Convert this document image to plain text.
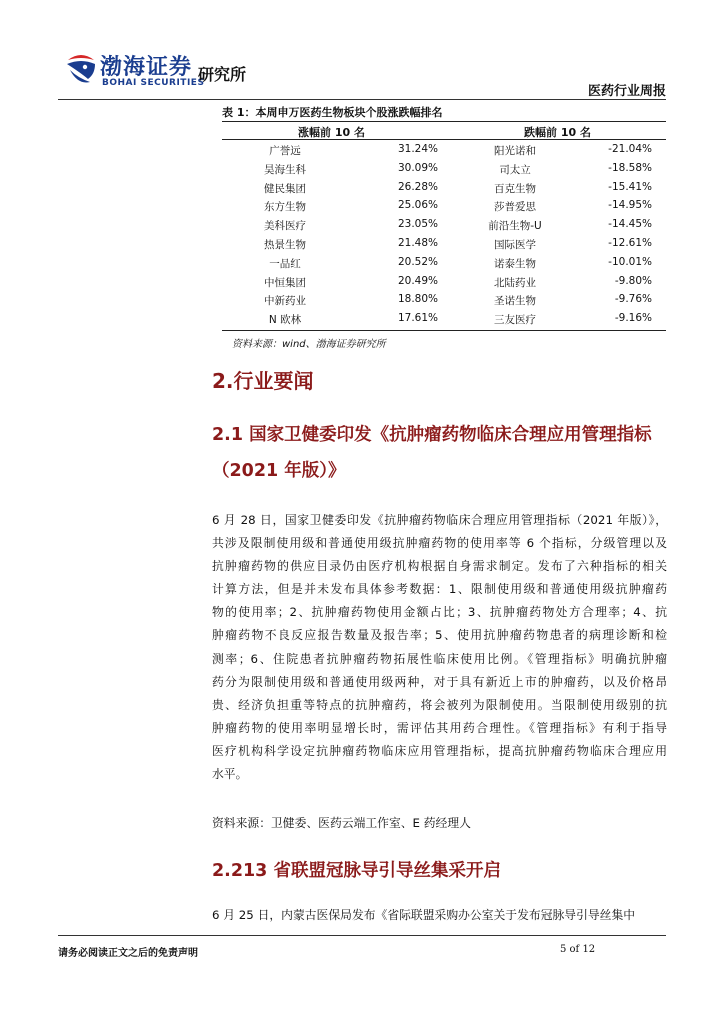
渤海证券
BOHAI SECURITIES
研究所
医药行业周报
表 1：本周申万医药生物板块个股涨跌幅排名
涨幅前 10 名	跌幅前 10 名
广誉远	31.24%	阳光诺和	-21.04%
昊海生科	30.09%	司太立	-18.58%
健民集团	26.28%	百克生物	-15.41%
东方生物	25.06%	莎普爱思	-14.95%
美科医疗	23.05%	前沿生物-U	-14.45%
热景生物	21.48%	国际医学	-12.61%
一品红	20.52%	诺泰生物	-10.01%
中恒集团	20.49%	北陆药业	-9.80%
中新药业	18.80%	圣诺生物	-9.76%
N 欧林	17.61%	三友医疗	-9.16%
资料来源：wind、渤海证券研究所
2.行业要闻
2.1 国家卫健委印发《抗肿瘤药物临床合理应用管理指标
（2021 年版）》
6 月 28 日，国家卫健委印发《抗肿瘤药物临床合理应用管理指标（2021 年版）》，
共涉及限制使用级和普通使用级抗肿瘤药物的使用率等 6 个指标，分级管理以及
抗肿瘤药物的供应目录仍由医疗机构根据自身需求制定。发布了六种指标的相关
计算方法，但是并未发布具体参考数据：1、限制使用级和普通使用级抗肿瘤药
物的使用率；2、抗肿瘤药物使用金额占比；3、抗肿瘤药物处方合理率；4、抗
肿瘤药物不良反应报告数量及报告率；5、使用抗肿瘤药物患者的病理诊断和检
测率；6、住院患者抗肿瘤药物拓展性临床使用比例。《管理指标》明确抗肿瘤
药分为限制使用级和普通使用级两种，对于具有新近上市的肿瘤药，以及价格昂
贵、经济负担重等特点的抗肿瘤药，将会被列为限制使用。当限制使用级别的抗
肿瘤药物的使用率明显增长时，需评估其用药合理性。《管理指标》有利于指导
医疗机构科学设定抗肿瘤药物临床应用管理指标，提高抗肿瘤药物临床合理应用
水平。
资料来源：卫健委、医药云端工作室、E 药经理人
2.213 省联盟冠脉导引导丝集采开启
6 月 25 日，内蒙古医保局发布《省际联盟采购办公室关于发布冠脉导引导丝集中
请务必阅读正文之后的免责声明	5 of 12
